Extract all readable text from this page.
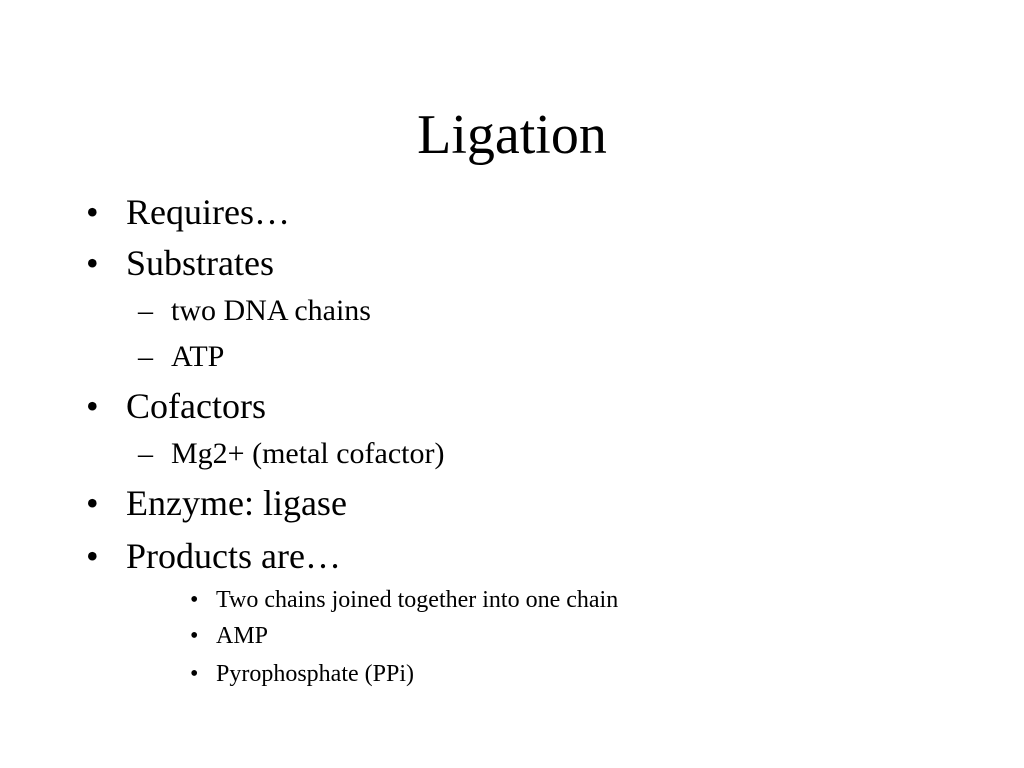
Ligation
• Requires…
• Substrates
– two DNA chains
– ATP
• Cofactors
– Mg2+ (metal cofactor)
• Enzyme: ligase
• Products are…
• Two chains joined together into one chain
• AMP
• Pyrophosphate (PPi)
